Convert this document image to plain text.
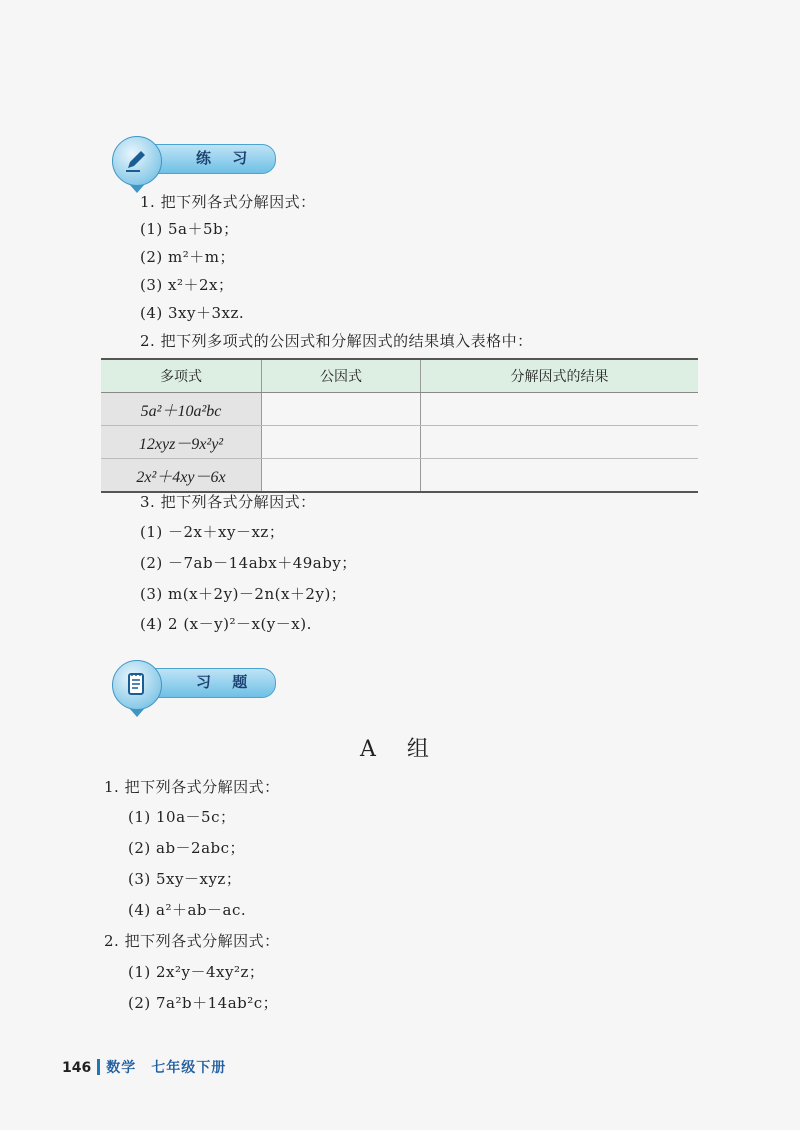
练 习
1. 把下列各式分解因式：
(1) 5a＋5b；
(2) m²＋m；
(3) x²＋2x；
(4) 3xy＋3xz.
2. 把下列多项式的公因式和分解因式的结果填入表格中：
多项式	公因式	分解因式的结果
5a²＋10a²bc		
12xyz－9x²y²		
2x²＋4xy－6x		
3. 把下列各式分解因式：
(1) －2x＋xy－xz；
(2) －7ab－14abx＋49aby；
(3) m(x＋2y)－2n(x＋2y)；
(4) 2 (x－y)²－x(y－x).
习 题
A 组
1. 把下列各式分解因式：
(1) 10a－5c；
(2) ab－2abc；
(3) 5xy－xyz；
(4) a²＋ab－ac.
2. 把下列各式分解因式：
(1) 2x²y－4xy²z；
(2) 7a²b＋14ab²c；
146 数学　七年级下册
